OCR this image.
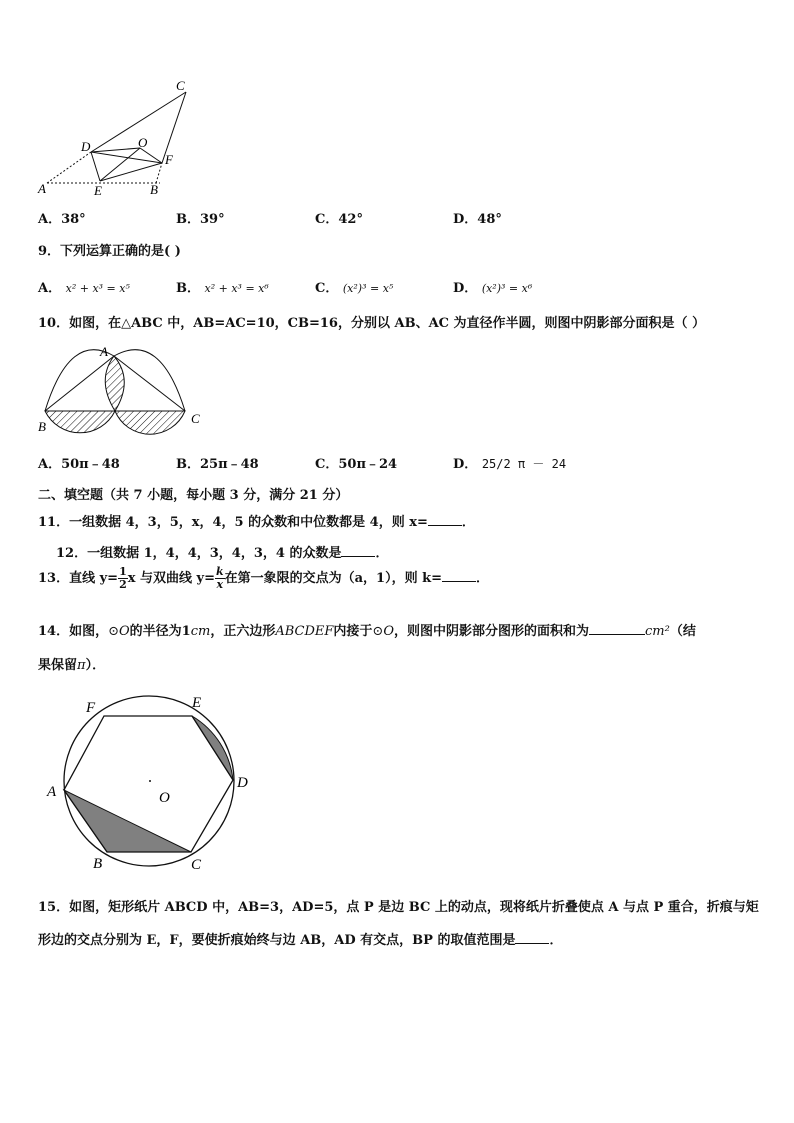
C
D	O
F
A	E	B
A．38°	B．39°	C．42°	D．48°
9．下列运算正确的是( )
A． x² + x³ = x⁵	B． x² + x³ = x⁶	C． (x²)³ = x⁵	D． (x²)³ = x⁶
10．如图，在△ABC 中，AB=AC=10，CB=16，分别以 AB、AC 为直径作半圆，则图中阴影部分面积是（ ）
A
B
C
A．50π﹣48	B．25π﹣48	C．50π﹣24	D． 25/2 π － 24
二、填空题（共 7 小题，每小题 3 分，满分 21 分）
11．一组数据 4，3，5，x，4，5 的众数和中位数都是 4，则 x=	．
12．一组数据 1，4，4，3，4，3，4 的众数是	．
13．直线 $y= \frac{1}{2}$ x 与双曲线 $y= \frac{k}{x}$ 在第一象限的交点为（a，1），则 k=	．
14．如图，⊙O的半径为1cm，正六边形ABCDEF内接于⊙O，则图中阴影部分图形的面积和为	cm²（结
果保留π）．
F	E
D
A	O
B	C
15．如图，矩形纸片 ABCD 中，AB=3，AD=5，点 P 是边 BC 上的动点，现将纸片折叠使点 A 与点 P 重合，折痕与矩
形边的交点分别为 E，F，要使折痕始终与边 AB，AD 有交点，BP 的取值范围是	．
